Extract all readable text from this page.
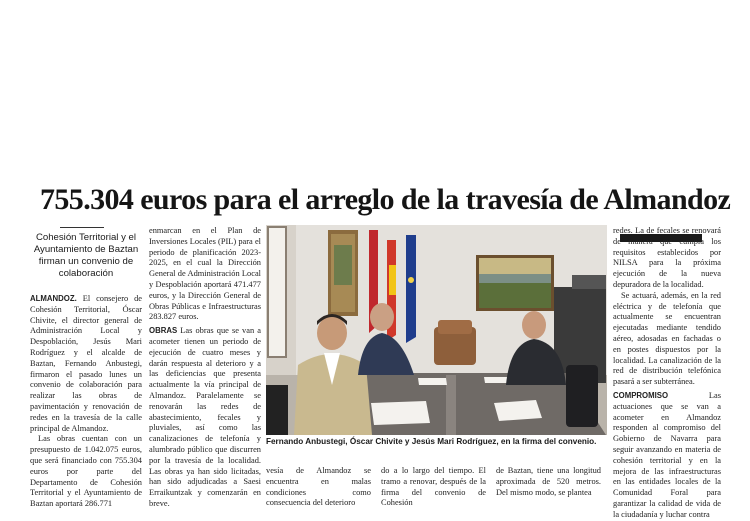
755.304 euros para el arreglo de la travesía de Almandoz
Cohesión Territorial y el Ayuntamiento de Baztan firman un convenio de colaboración

ALMANDOZ. El consejero de Cohesión Territorial, Óscar Chivite, el director general de Administración Local y Despoblación, Jesús Mari Rodríguez y el alcalde de Baztan, Fernando Anbustegi, firmaron el pasado lunes un convenio de colaboración para realizar las obras de pavimentación y renovación de redes en la travesía de la calle principal de Almandoz.

Las obras cuentan con un presupuesto de 1.042.075 euros, que será financiado con 755.304 euros por parte del Departamento de Cohesión Territorial y el Ayuntamiento de Baztan aportará 286.771

enmarcan en el Plan de Inversiones Locales (PIL) para el periodo de planificación 2023-2025, en el cual la Dirección General de Administración Local y Despoblación aportará 471.477 euros, y la Dirección General de Obras Públicas e Infraestructuras 283.827 euros.

OBRAS Las obras que se van a acometer tienen un periodo de ejecución de cuatro meses y darán respuesta al deterioro y a las deficiencias que presenta actualmente la vía principal de Almandoz. Paralelamente se renovarán las redes de abastecimiento, fecales y pluviales, así como las canalizaciones de telefonía y alumbrado público que discurren por la travesía de la localidad. Las obras ya han sido licitadas, han sido adjudicadas a Saesi Erraikuntzak y comenzarán en breve.

Fernando Anbustegi, Óscar Chivite y Jesús Mari Rodríguez, en la firma del convenio.

redes. La de fecales se renovará de manera que cumpla los requisitos establecidos por NILSA para la próxima ejecución de la nueva depuradora de la localidad.

Se actuará, además, en la red eléctrica y de telefonía que actualmente se encuentran ejecutadas mediante tendido aéreo, adosadas en fachadas o en postes dispuestos por la localidad. La canalización de la red de distribución telefónica pasará a ser subterránea.

COMPROMISO Las actuaciones que se van a acometer en Almandoz responden al compromiso del Gobierno de Navarra para seguir avanzando en materia de cohesión territorial y en la mejora de las infraestructuras en las entidades locales de la Comunidad Foral para garantizar la calidad de vida de la ciudadanía y luchar contra

vesía de Almandoz se encuentra en malas condiciones como consecuencia del deterioro
do a lo largo del tiempo. El tramo a renovar, después de la firma del convenio de Cohesión
de Baztan, tiene una longitud aproximada de 520 metros. Del mismo modo, se plantea
